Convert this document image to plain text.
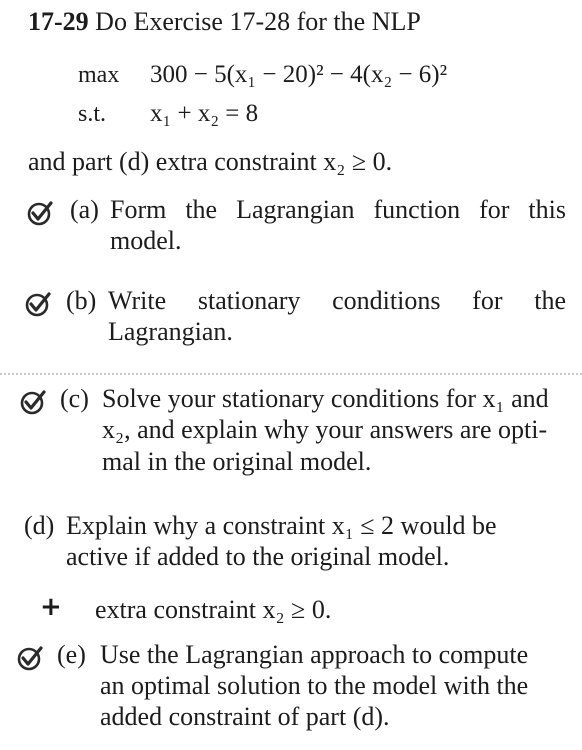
17-29 Do Exercise 17-28 for the NLP
max 300 − 5(x₁ − 20)² − 4(x₂ − 6)²
s.t. x₁ + x₂ = 8
and part (d) extra constraint x₂ ≥ 0.
(a) Form the Lagrangian function for this
model.
(b) Write stationary conditions for the
Lagrangian.
(c) Solve your stationary conditions for x₁ and
x₂, and explain why your answers are opti-
mal in the original model.
(d) Explain why a constraint x₁ ≤ 2 would be
active if added to the original model.
+ extra constraint x₂ ≥ 0.
(e) Use the Lagrangian approach to compute
an optimal solution to the model with the
added constraint of part (d).
